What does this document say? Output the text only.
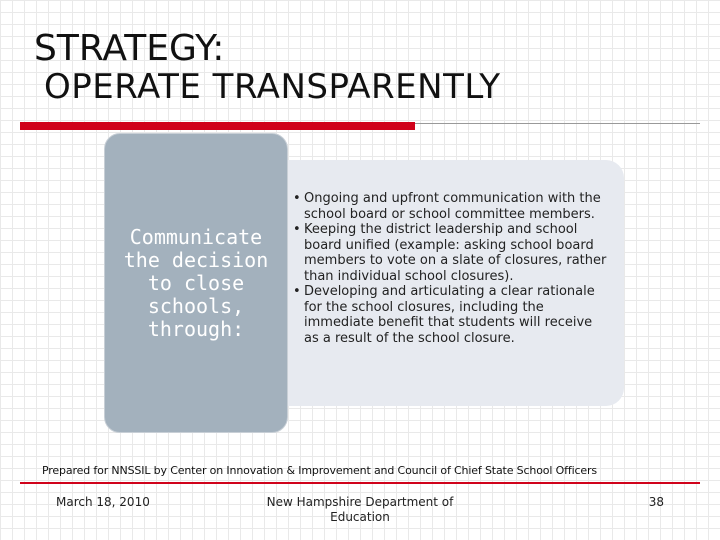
STRATEGY:
OPERATE TRANSPARENTLY
• Ongoing and upfront communication with the school board or school committee members.
• Keeping the district leadership and school board unified (example: asking school board members to vote on a slate of closures, rather than individual school closures).
• Developing and articulating a clear rationale for the school closures, including the immediate benefit that students will receive as a result of the school closure.
Communicate the decision to close schools, through:
Prepared for NNSSIL by Center on Innovation & Improvement and Council of Chief State School Officers
March 18, 2010	New Hampshire Department of Education
38
